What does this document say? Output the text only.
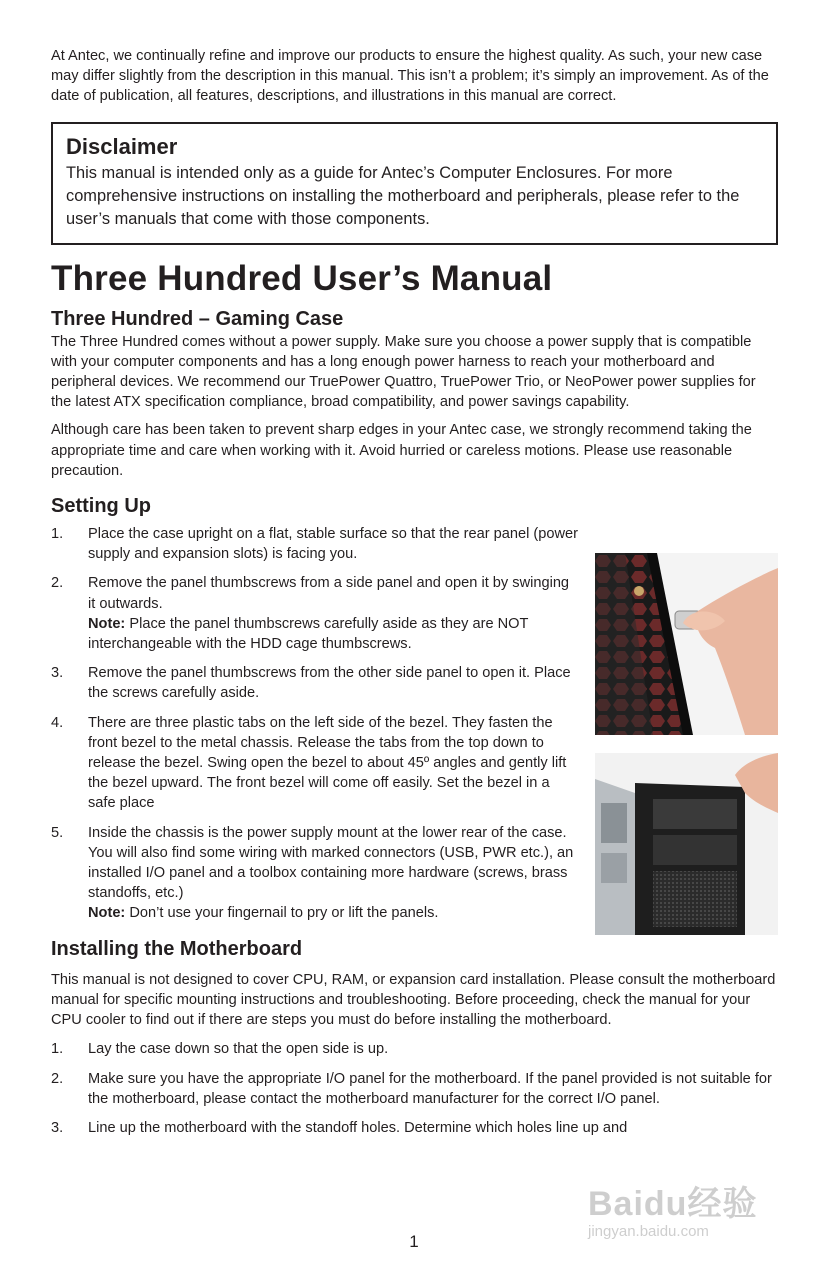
At Antec, we continually refine and improve our products to ensure the highest quality. As such, your new case may differ slightly from the description in this manual. This isn’t a problem; it’s simply an improvement. As of the date of publication, all features, descriptions, and illustrations in this manual are correct.

Disclaimer

This manual is intended only as a guide for Antec’s Computer Enclosures. For more comprehensive instructions on installing the motherboard and peripherals, please refer to the user’s manuals that come with those components.

Three Hundred User’s Manual
Three Hundred – Gaming Case

The Three Hundred comes without a power supply. Make sure you choose a power supply that is compatible with your computer components and has a long enough power harness to reach your motherboard and peripheral devices. We recommend our TruePower Quattro, TruePower Trio, or NeoPower power supplies for the latest ATX specification compliance, broad compatibility, and power savings capability.

Although care has been taken to prevent sharp edges in your Antec case, we strongly recommend taking the appropriate time and care when working with it. Avoid hurried or careless motions. Please use reasonable precaution.

Setting Up
1. Place the case upright on a flat, stable surface so that the rear panel (power supply and expansion slots) is facing you.
2. Remove the panel thumbscrews from a side panel and open it by swinging it outwards.
Note: Place the panel thumbscrews carefully aside as they are NOT interchangeable with the HDD cage thumbscrews.
3. Remove the panel thumbscrews from the other side panel to open it. Place the screws carefully aside.
4. There are three plastic tabs on the left side of the bezel. They fasten the front bezel to the metal chassis. Release the tabs from the top down to release the bezel. Swing open the bezel to about 45º angles and gently lift the bezel upward. The front bezel will come off easily. Set the bezel in a safe place
5. Inside the chassis is the power supply mount at the lower rear of the case. You will also find some wiring with marked connectors (USB, PWR etc.), an installed I/O panel and a toolbox containing more hardware (screws, brass standoffs, etc.)
Note: Don’t use your fingernail to pry or lift the panels.
Installing the Motherboard

This manual is not designed to cover CPU, RAM, or expansion card installation. Please consult the motherboard manual for specific mounting instructions and troubleshooting. Before proceeding, check the manual for your CPU cooler to find out if there are steps you must do before installing the motherboard.

1. Lay the case down so that the open side is up.
2. Make sure you have the appropriate I/O panel for the motherboard. If the panel provided is not suitable for the motherboard, please contact the motherboard manufacturer for the correct I/O panel.
3. Line up the motherboard with the standoff holes. Determine which holes line up and
1
Baidu经验
jingyan.baidu.com
